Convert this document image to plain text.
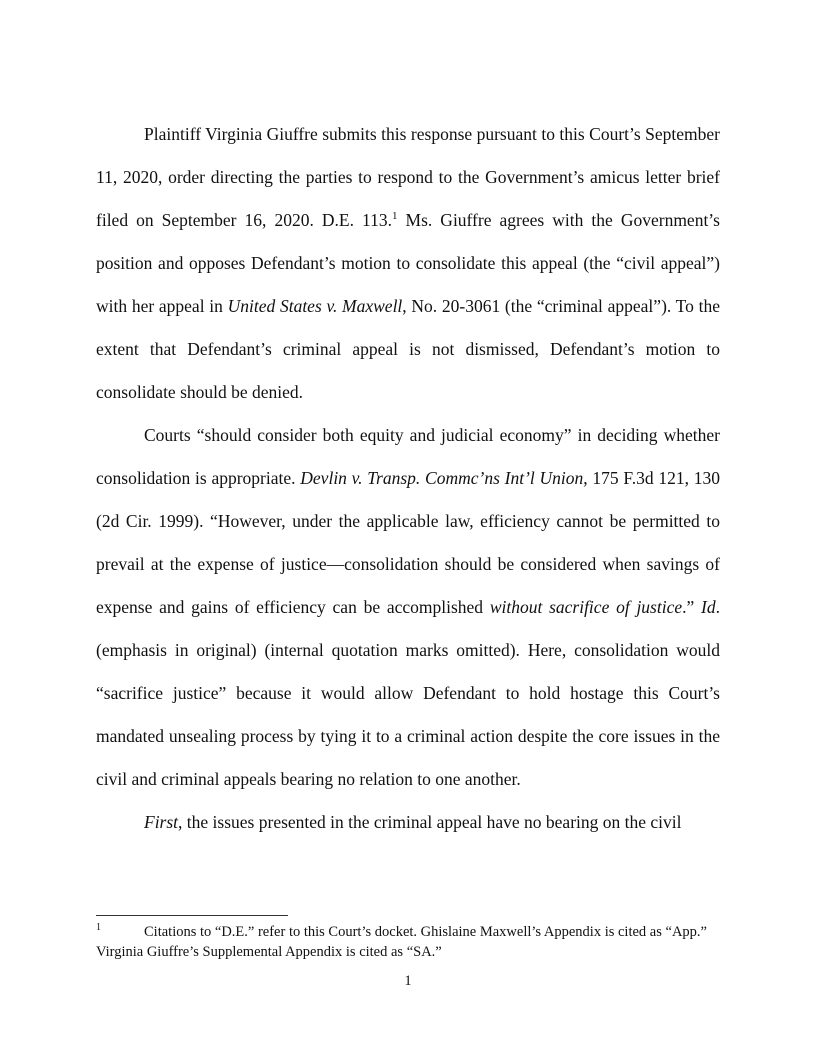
Plaintiff Virginia Giuffre submits this response pursuant to this Court’s September 11, 2020, order directing the parties to respond to the Government’s amicus letter brief filed on September 16, 2020. D.E. 113.$^1$ Ms. Giuffre agrees with the Government’s position and opposes Defendant’s motion to consolidate this appeal (the “civil appeal”) with her appeal in United States v. Maxwell, No. 20-3061 (the “criminal appeal”). To the extent that Defendant’s criminal appeal is not dismissed, Defendant’s motion to consolidate should be denied.

Courts “should consider both equity and judicial economy” in deciding whether consolidation is appropriate. Devlin v. Transp. Commc’ns Int’l Union, 175 F.3d 121, 130 (2d Cir. 1999). “However, under the applicable law, efficiency cannot be permitted to prevail at the expense of justice—consolidation should be considered when savings of expense and gains of efficiency can be accomplished without sacrifice of justice.” Id. (emphasis in original) (internal quotation marks omitted). Here, consolidation would “sacrifice justice” because it would allow Defendant to hold hostage this Court’s mandated unsealing process by tying it to a criminal action despite the core issues in the civil and criminal appeals bearing no relation to one another.

First, the issues presented in the criminal appeal have no bearing on the civil

1	Citations to “D.E.” refer to this Court’s docket. Ghislaine Maxwell’s Appendix is cited as “App.” Virginia Giuffre’s Supplemental Appendix is cited as “SA.”

1
